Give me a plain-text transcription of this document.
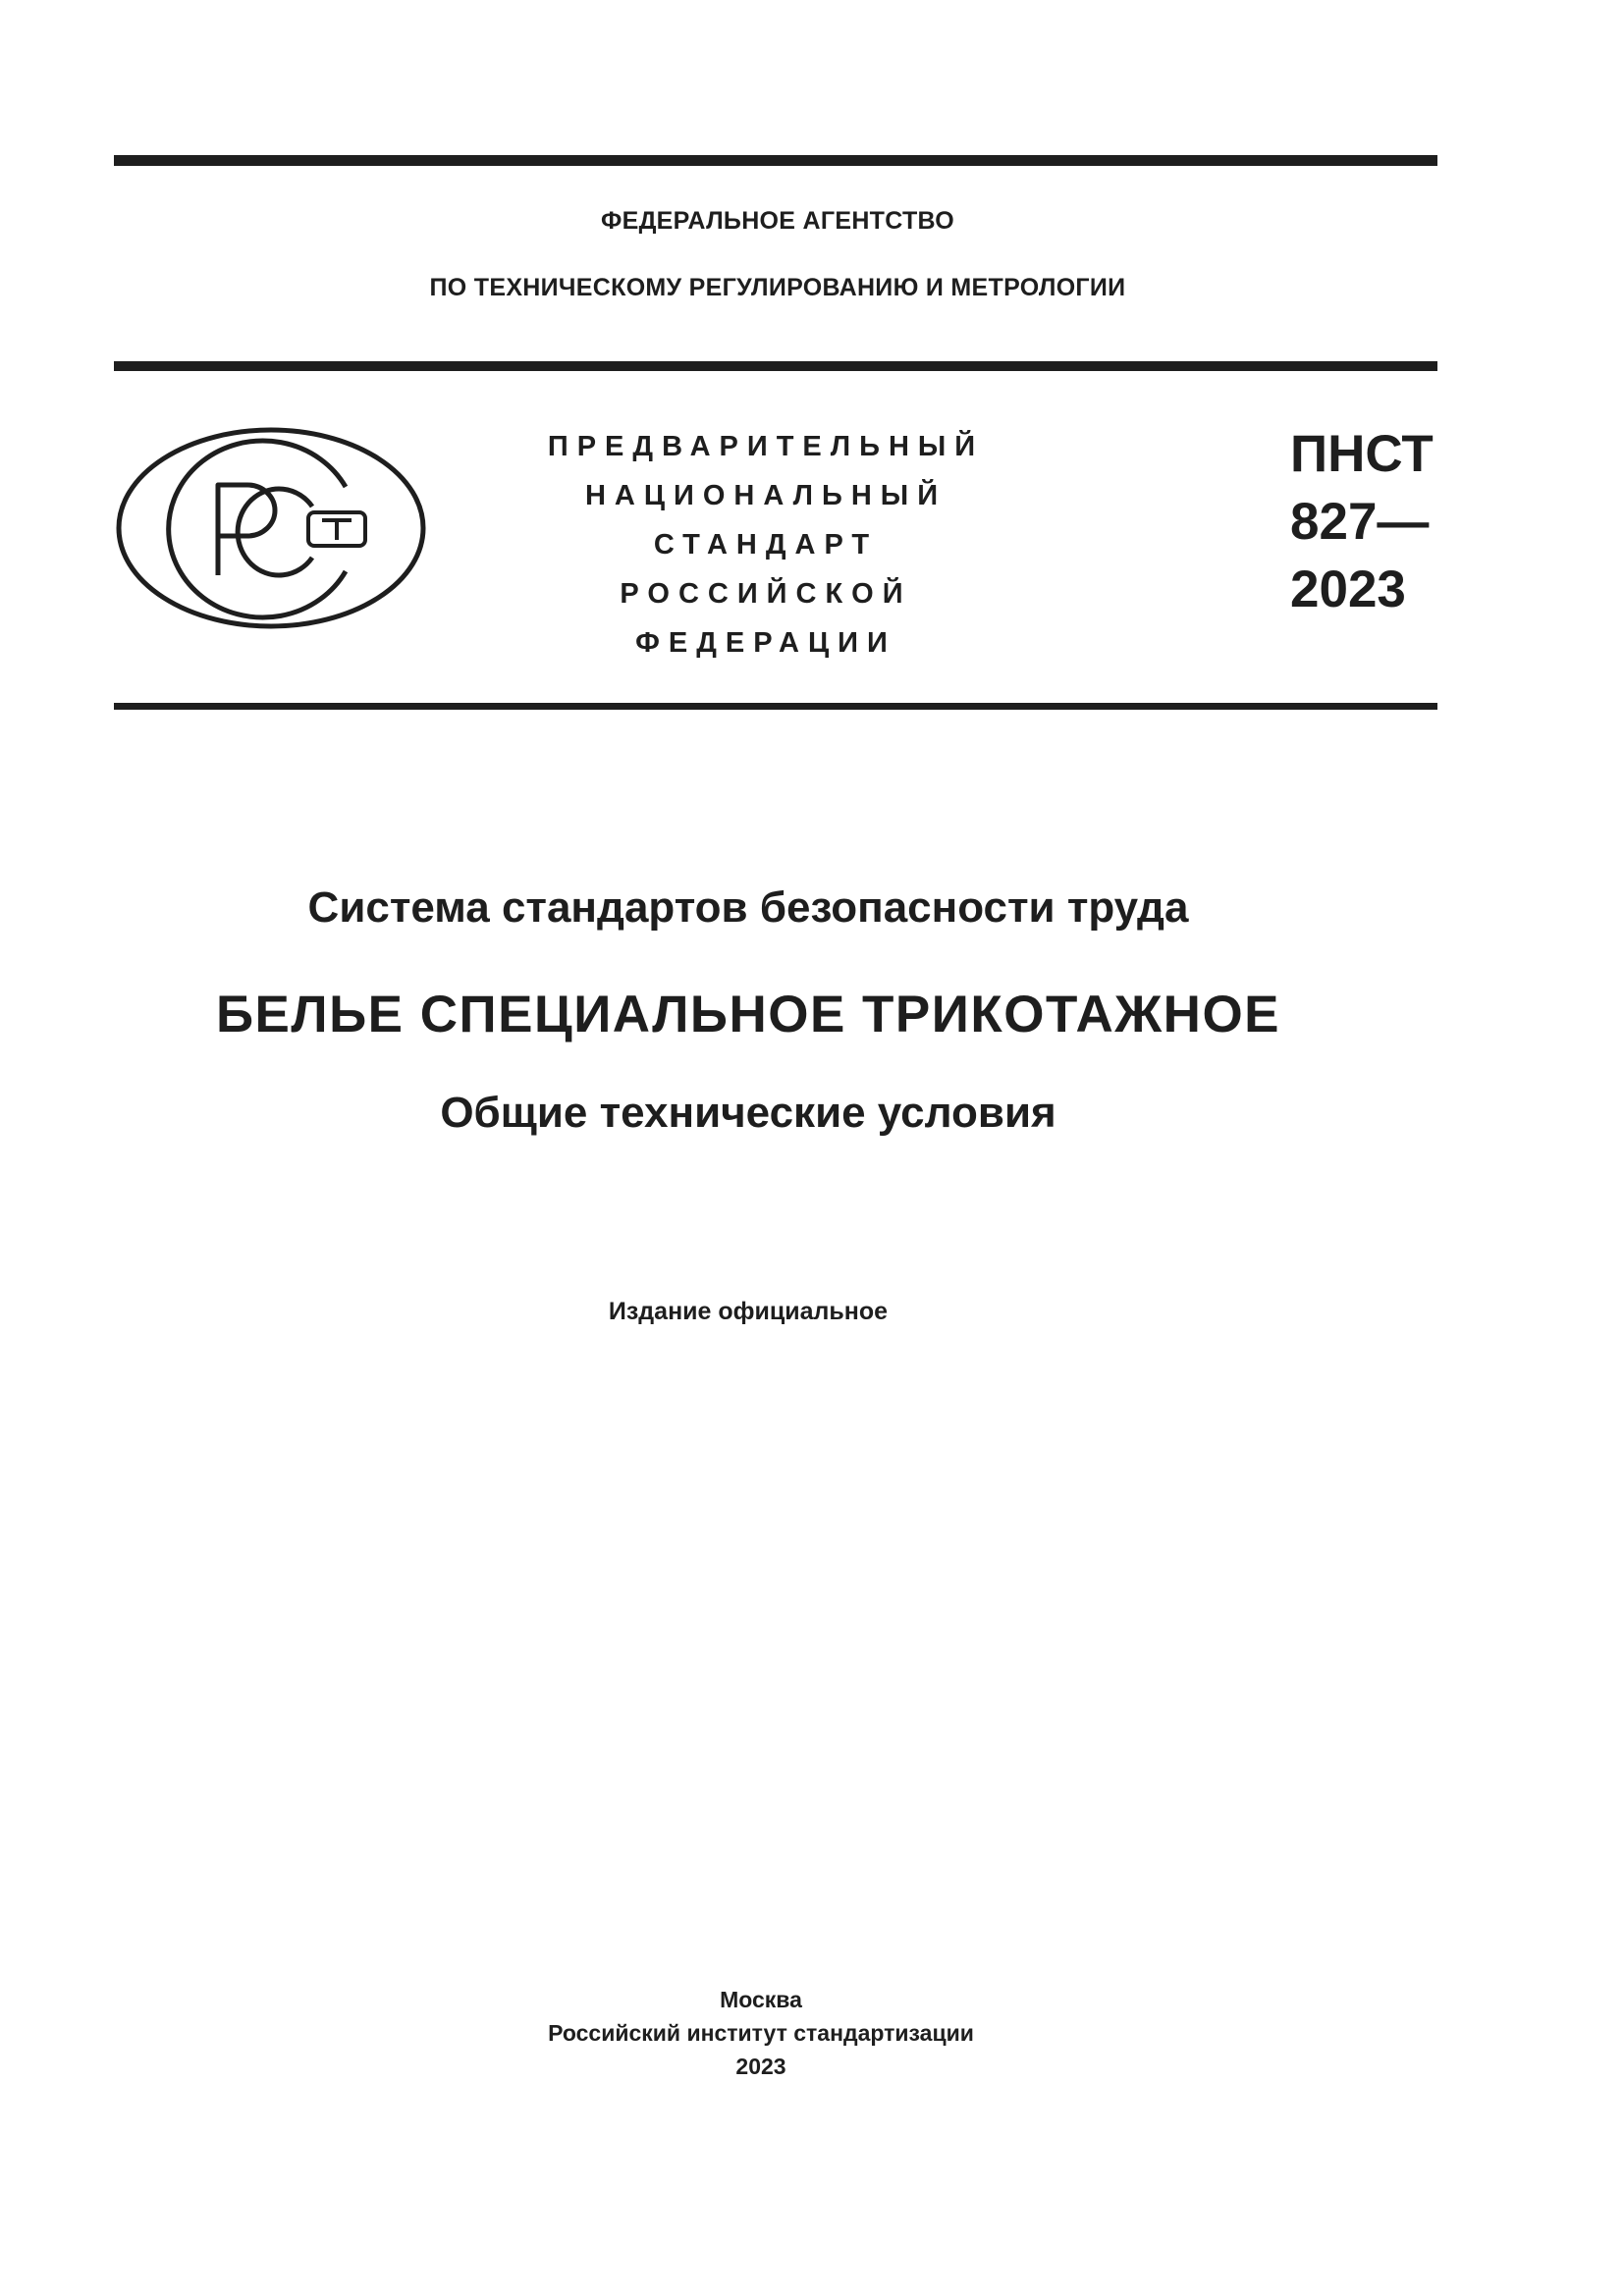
ФЕДЕРАЛЬНОЕ АГЕНТСТВО
ПО ТЕХНИЧЕСКОМУ РЕГУЛИРОВАНИЮ И МЕТРОЛОГИИ
ПРЕДВАРИТЕЛЬНЫЙ
НАЦИОНАЛЬНЫЙ
СТАНДАРТ
РОССИЙСКОЙ
ФЕДЕРАЦИИ
ПНСТ
827—
2023
Система стандартов безопасности труда
БЕЛЬЕ СПЕЦИАЛЬНОЕ ТРИКОТАЖНОЕ
Общие технические условия
Издание официальное
Москва
Российский институт стандартизации
2023
